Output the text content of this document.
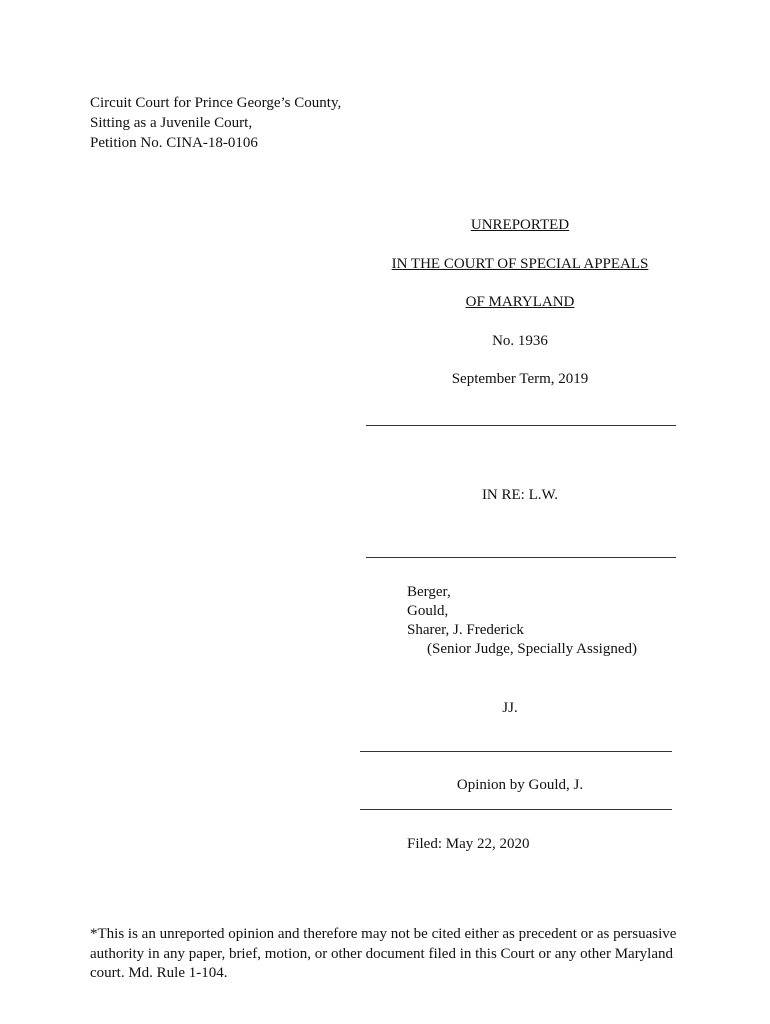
Circuit Court for Prince George’s County,
Sitting as a Juvenile Court,
Petition No. CINA-18-0106
UNREPORTED
IN THE COURT OF SPECIAL APPEALS
OF MARYLAND
No. 1936
September Term, 2019
IN RE: L.W.
Berger,
Gould,
Sharer, J. Frederick
(Senior Judge, Specially Assigned)
JJ.
Opinion by Gould, J.
Filed: May 22, 2020
*This is an unreported opinion and therefore may not be cited either as precedent or as persuasive authority in any paper, brief, motion, or other document filed in this Court or any other Maryland court. Md. Rule 1-104.
